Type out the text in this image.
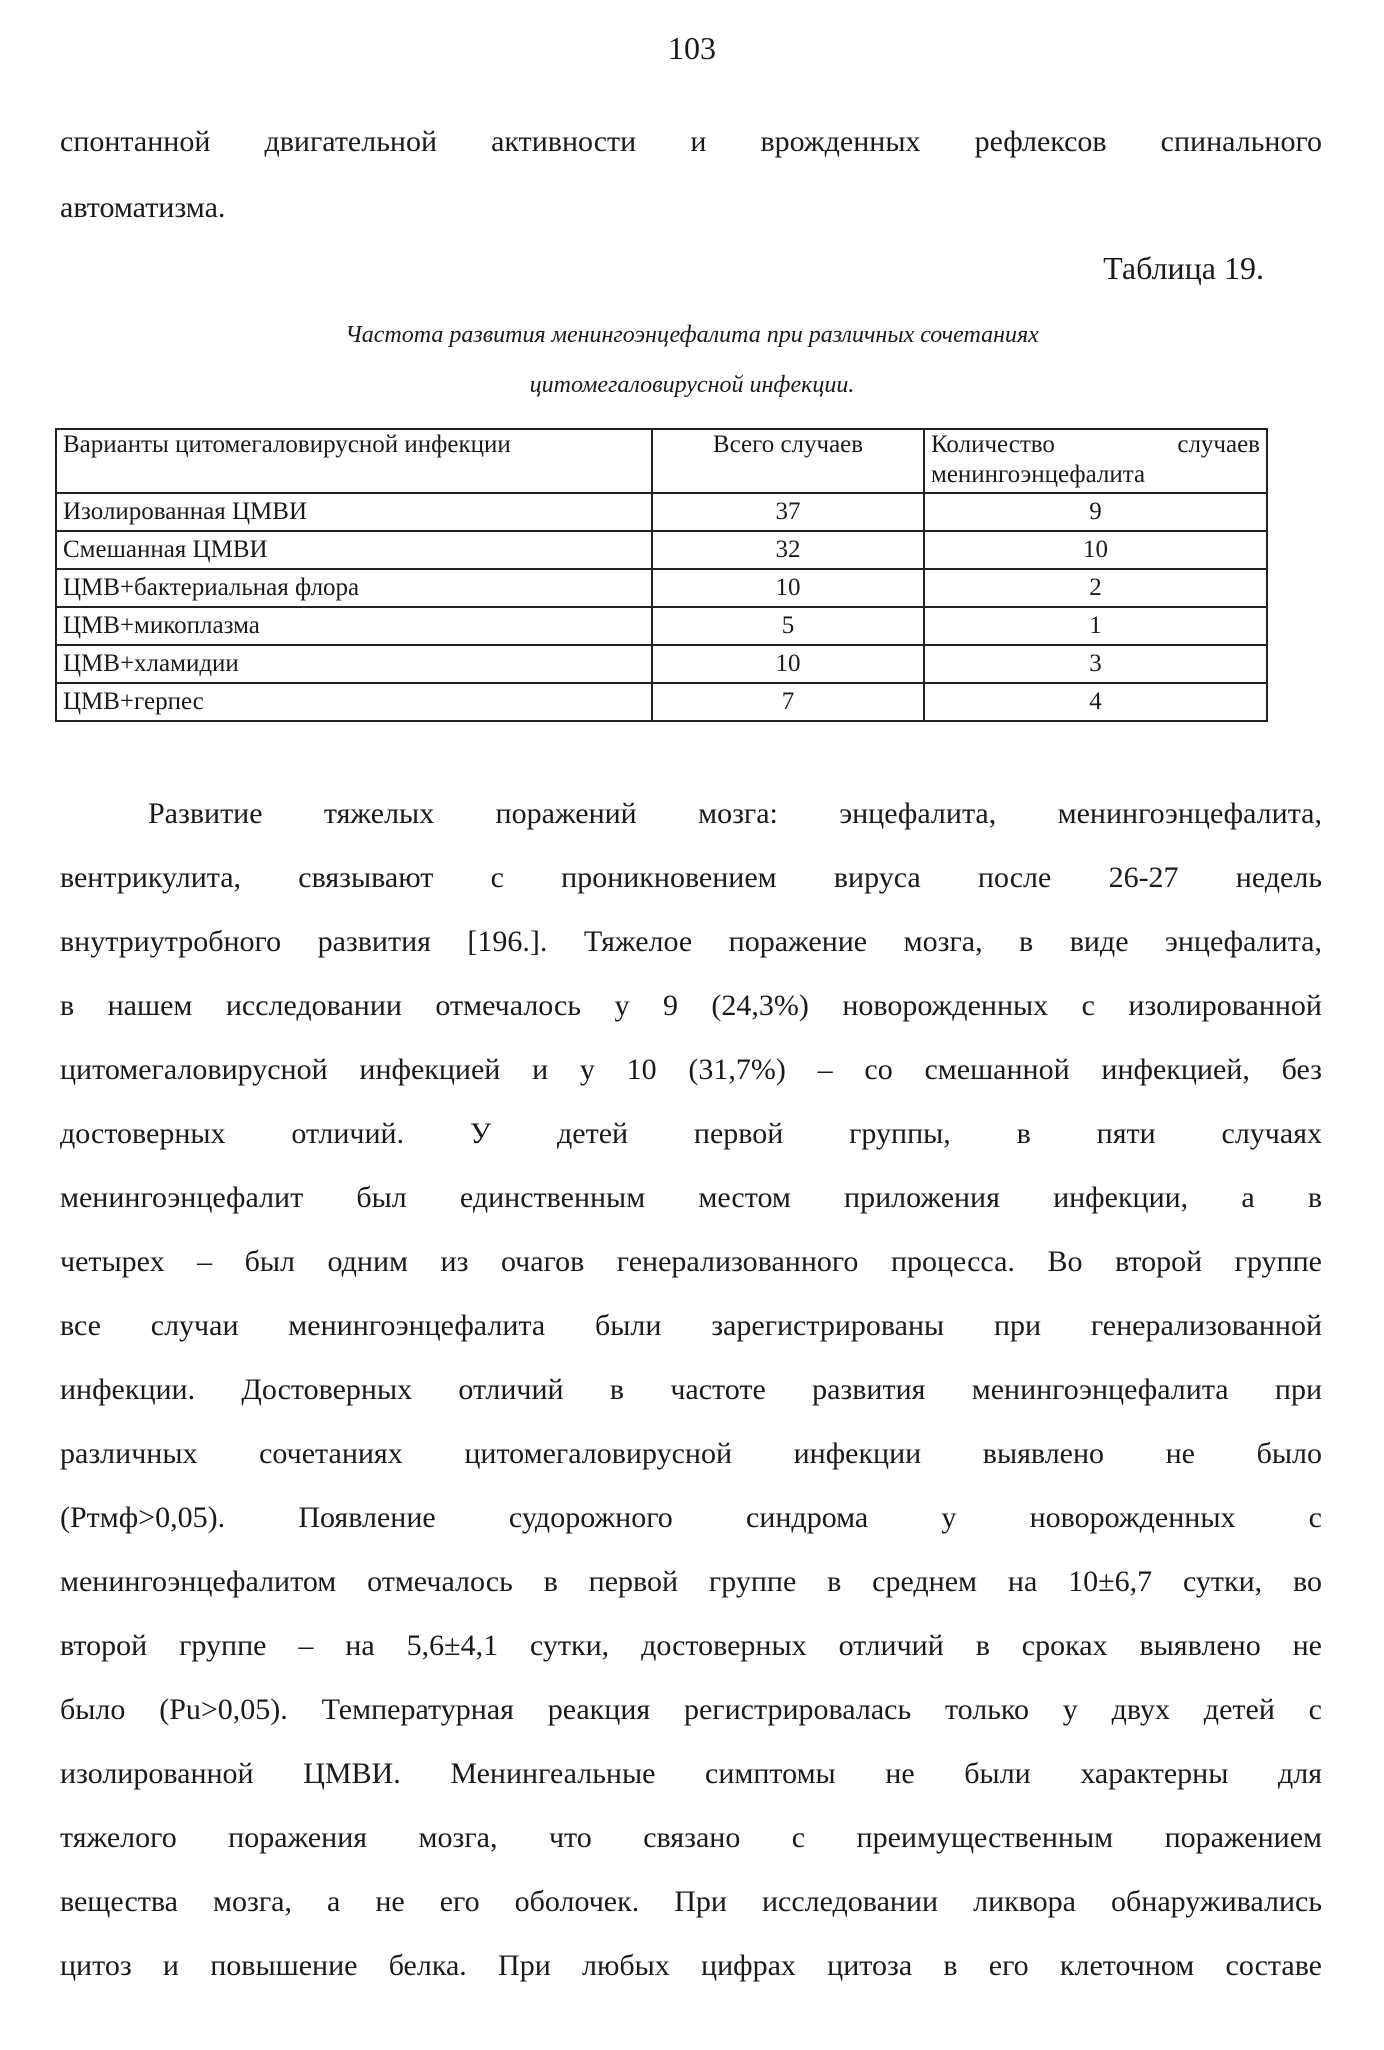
103
спонтанной двигательной активности и врожденных рефлексов спинального
автоматизма.
Таблица 19.
Частота развития менингоэнцефалита при различных сочетаниях
цитомегаловирусной инфекции.
Варианты цитомегаловирусной инфекции	Всего случаев	Количество случаев
менингоэнцефалита

Изолированная ЦМВИ	37	9
Смешанная ЦМВИ	32	10
ЦМВ+бактериальная флора	10	2
ЦМВ+микоплазма	5	1
ЦМВ+хламидии	10	3
ЦМВ+герпес	7	4
Развитие тяжелых поражений мозга: энцефалита, менингоэнцефалита,
вентрикулита, связывают с проникновением вируса после 26-27 недель
внутриутробного развития [196.]. Тяжелое поражение мозга, в виде энцефалита,
в нашем исследовании отмечалось у 9 (24,3%) новорожденных с изолированной
цитомегаловирусной инфекцией и у 10 (31,7%) – со смешанной инфекцией, без
достоверных отличий. У детей первой группы, в пяти случаях
менингоэнцефалит был единственным местом приложения инфекции, а в
четырех – был одним из очагов генерализованного процесса. Во второй группе
все случаи менингоэнцефалита были зарегистрированы при генерализованной
инфекции. Достоверных отличий в частоте развития менингоэнцефалита при
различных сочетаниях цитомегаловирусной инфекции выявлено не было
(Ртмф>0,05). Появление судорожного синдрома у новорожденных с
менингоэнцефалитом отмечалось в первой группе в среднем на 10±6,7 сутки, во
второй группе – на 5,6±4,1 сутки, достоверных отличий в сроках выявлено не
было (Pu>0,05). Температурная реакция регистрировалась только у двух детей с
изолированной ЦМВИ. Менингеальные симптомы не были характерны для
тяжелого поражения мозга, что связано с преимущественным поражением
вещества мозга, а не его оболочек. При исследовании ликвора обнаруживались
цитоз и повышение белка. При любых цифрах цитоза в его клеточном составе
